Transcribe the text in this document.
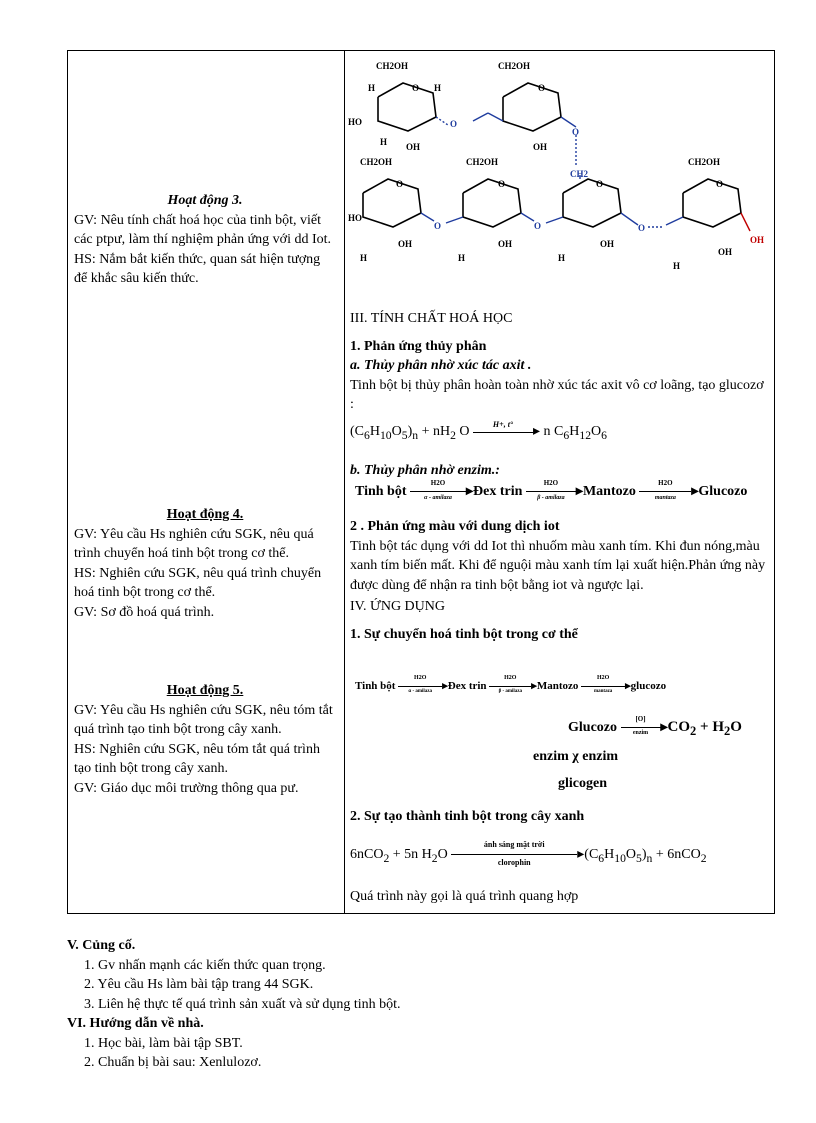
Hoạt động 3.
GV: Nêu tính chất hoá học của tinh bột, viết các ptpư, làm thí nghiệm phản ứng với dd Iot.
HS: Nắm bắt kiến thức, quan sát hiện tượng để khắc sâu kiến thức.
Hoạt động 4.
GV: Yêu cầu Hs nghiên cứu SGK, nêu quá trình chuyển hoá tinh bột trong cơ thể.
HS: Nghiên cứu SGK, nêu quá trình chuyển hoá tinh bột trong cơ thể.
GV: Sơ đồ hoá quá trình.
Hoạt động 5.
GV: Yêu cầu Hs nghiên cứu SGK, nêu tóm tắt quá trình tạo tinh bột trong cây xanh.
HS: Nghiên cứu SGK, nêu tóm tắt quá trình tạo tinh bột trong cây xanh.
GV: Giáo dục môi trường thông qua pư.
CH2OH	CH2OH
CH2OH	CH2OH	CH2OH
HO
HO
OH	OH
OH	OH	OH
OH
H	H
H
H	H	H
H
O	O
O	O	O	O
O
O
O	O	O
CH2
OH
III. TÍNH CHẤT HOÁ HỌC
1. Phản ứng thủy phân
a. Thủy phân nhờ xúc tác axit .
Tinh bột bị thủy phân hoàn toàn nhờ xúc tác axit vô cơ loãng, tạo glucozơ :
$(C_6H_{10}O_5)_n + nH_2$ O	H+, t°	▸ n $C_6H_{12}O_6$
b. Thủy phân nhờ enzim.:
Tinh bột
H2O
α - amilaza	▸Đex trin
H2O
β - amilaza ▸Mantozo
H2O
mantaza	▸Glucozo
2 . Phản ứng màu với dung dịch iot
Tinh bột tác dụng với dd Iot thì nhuốm màu xanh tím. Khi đun nóng,màu xanh tím biến mất. Khi để nguội màu xanh tím lại xuất hiện.Phản ứng này được dùng để nhận ra tinh bột bằng iot và ngược lại.
IV. ỨNG DỤNG
1. Sự chuyển hoá tinh bột trong cơ thể
Tinh bột
H2O
α - amilaza ▸Đex trin
H2O
β - amilaza ▸Mantozo
H2O
mantaza	▸glucozo
Glucozo
[O]
enzim $▸CO_2 + H_2O$
enzim χ enzim
glicogen
2. Sự tạo thành tinh bột trong cây xanh
6nCO$_2$ + 5n $H_2O$
ánh sáng mặt trời
clorophin
$▸(C_6H_{10}O_5)_n + 6nCO_2$
Quá trình này gọi là quá trình quang hợp
V. Củng cố.
1. Gv nhấn mạnh các kiến thức quan trọng.
2. Yêu cầu Hs làm bài tập trang 44 SGK.
3. Liên hệ thực tế quá trình sản xuất và sử dụng tinh bột.
VI. Hướng dẫn về nhà.
1. Học bài, làm bài tập SBT.
2. Chuẩn bị bài sau: Xenlulozơ.
